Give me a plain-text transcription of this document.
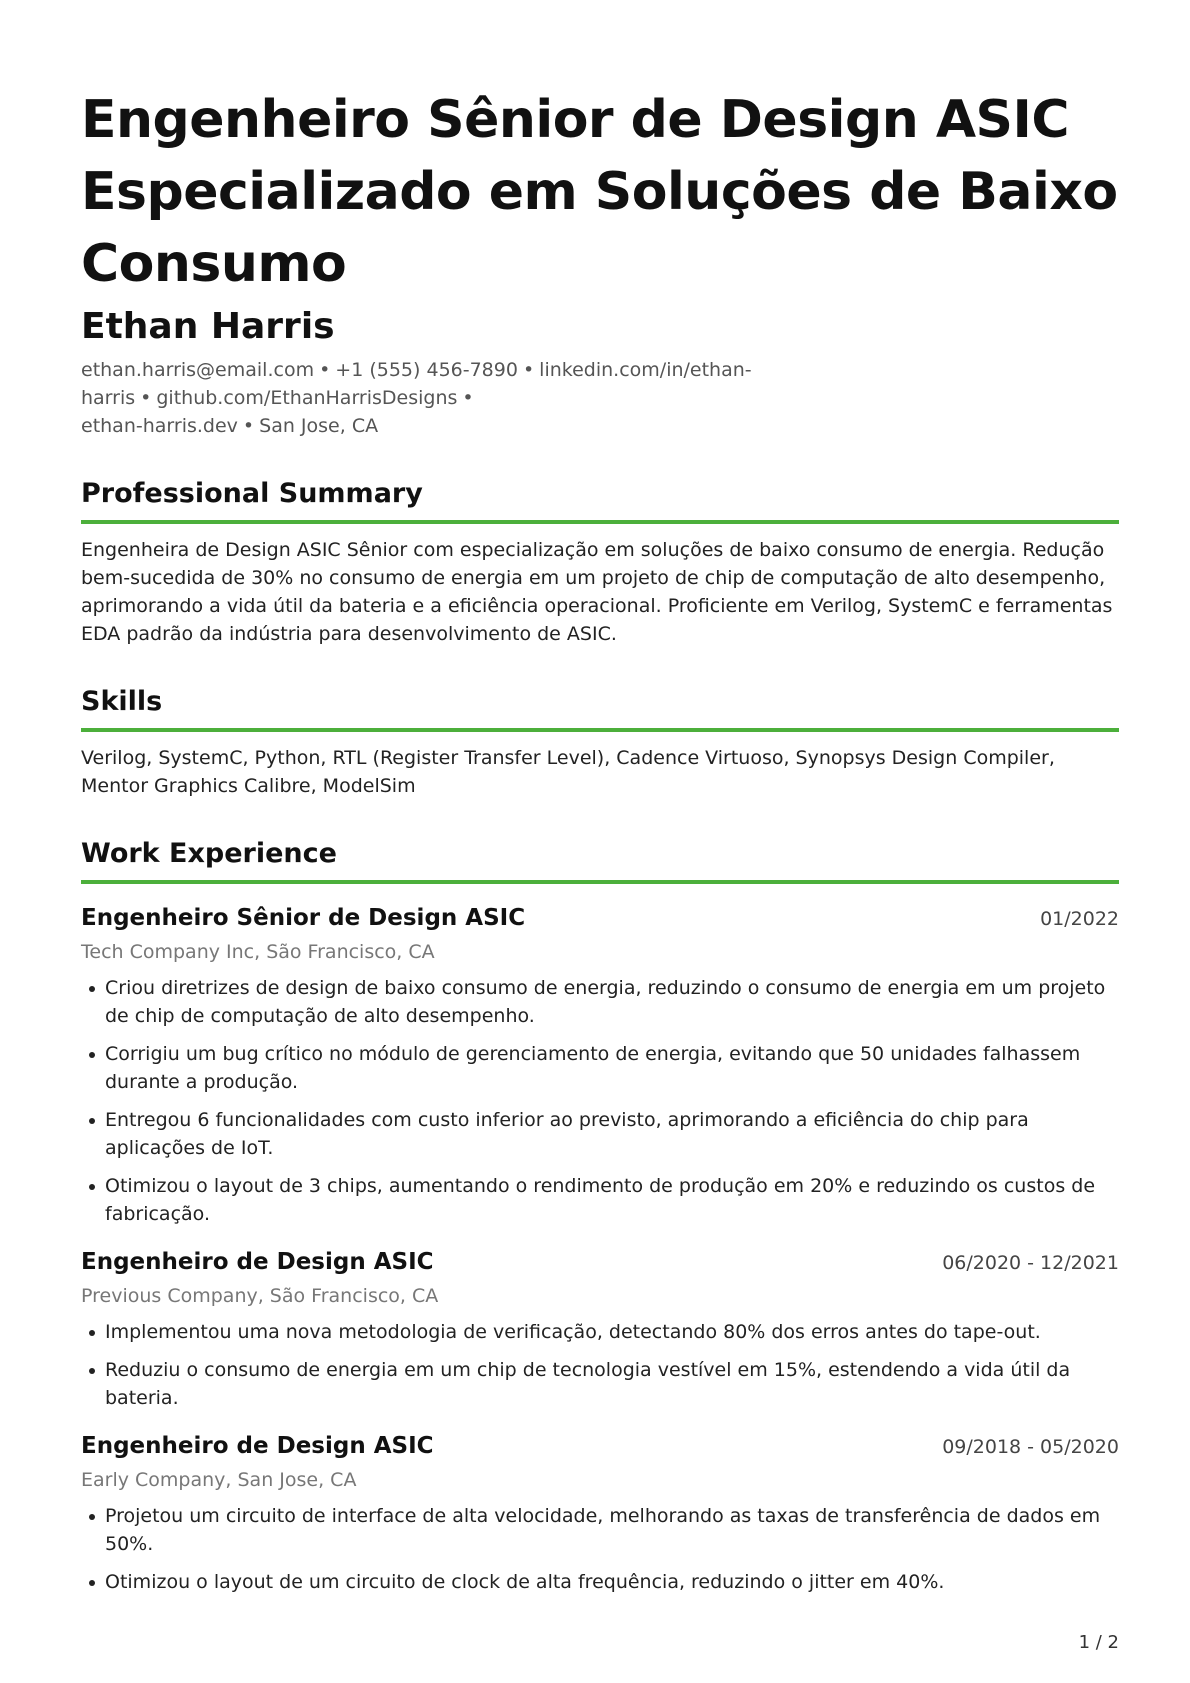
Engenheiro Sênior de Design ASIC
Especializado em Soluções de Baixo
Consumo
Ethan Harris
ethan.harris@email.com • +1 (555) 456-7890 • linkedin.com/in/ethan-harris • github.com/EthanHarrisDesigns •
ethan-harris.dev • San Jose, CA
Professional Summary
Engenheira de Design ASIC Sênior com especialização em soluções de baixo consumo de energia. Redução bem-sucedida de 30% no consumo de energia em um projeto de chip de computação de alto desempenho, aprimorando a vida útil da bateria e a eficiência operacional. Proficiente em Verilog, SystemC e ferramentas EDA padrão da indústria para desenvolvimento de ASIC.
Skills
Verilog, SystemC, Python, RTL (Register Transfer Level), Cadence Virtuoso, Synopsys Design Compiler, Mentor Graphics Calibre, ModelSim
Work Experience
Engenheiro Sênior de Design ASIC	01/2022
Tech Company Inc, São Francisco, CA
Criou diretrizes de design de baixo consumo de energia, reduzindo o consumo de energia em um projeto de chip de computação de alto desempenho.
Corrigiu um bug crítico no módulo de gerenciamento de energia, evitando que 50 unidades falhassem durante a produção.
Entregou 6 funcionalidades com custo inferior ao previsto, aprimorando a eficiência do chip para aplicações de IoT.
Otimizou o layout de 3 chips, aumentando o rendimento de produção em 20% e reduzindo os custos de fabricação.
Engenheiro de Design ASIC	06/2020 - 12/2021
Previous Company, São Francisco, CA
Implementou uma nova metodologia de verificação, detectando 80% dos erros antes do tape-out.
Reduziu o consumo de energia em um chip de tecnologia vestível em 15%, estendendo a vida útil da bateria.
Engenheiro de Design ASIC	09/2018 - 05/2020
Early Company, San Jose, CA
Projetou um circuito de interface de alta velocidade, melhorando as taxas de transferência de dados em 50%.
Otimizou o layout de um circuito de clock de alta frequência, reduzindo o jitter em 40%.
1 / 2
